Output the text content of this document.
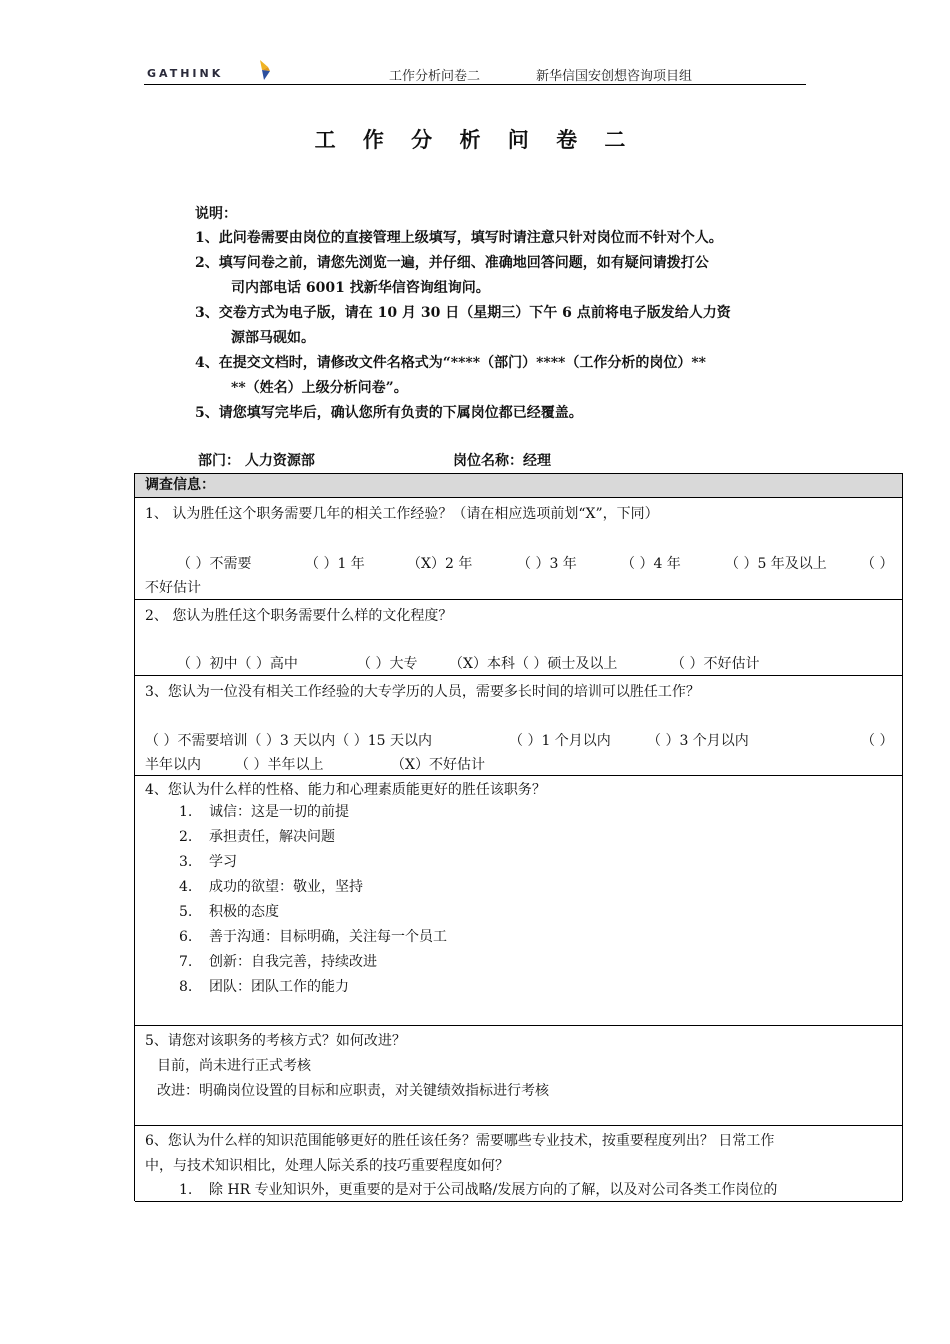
GATHINK	工作分析问卷二	新华信国安创想咨询项目组
工 作 分 析 问 卷 二
说明：

1、此问卷需要由岗位的直接管理上级填写，填写时请注意只针对岗位而不针对个人。

2、填写问卷之前，请您先浏览一遍，并仔细、准确地回答问题，如有疑问请拨打公
司内部电话 6001 找新华信咨询组询问。

3、交卷方式为电子版，请在 10 月 30 日（星期三）下午 6 点前将电子版发给人力资
源部马砚如。

4、在提交文档时，请修改文件名格式为“****（部门）****（工作分析的岗位）**
**（姓名）上级分析问卷”。

5、请您填写完毕后，确认您所有负责的下属岗位都已经覆盖。

部门： 人力资源部	岗位名称：经理
调查信息：
1、 认为胜任这个职务需要几年的相关工作经验？（请在相应选项前划“X”，下同）
（ ）不需要	（ ）1 年	（X）2 年	（ ）3 年	（ ）4 年	（ ）5 年及以上 （ ）
不好估计
2、 您认为胜任这个职务需要什么样的文化程度？
（ ）初中（ ）高中	（ ）大专 （X）本科（ ）硕士及以上	（ ）不好估计
3、您认为一位没有相关工作经验的大专学历的人员，需要多长时间的培训可以胜任工作？
（ ）不需要培训（ ）3 天以内（ ）15 天以内	（ ）1 个月以内	（ ）3 个月以内	（ ）
半年以内 （ ）半年以上	（X）不好估计
4、您认为什么样的性格、能力和心理素质能更好的胜任该职务？
1. 诚信：这是一切的前提
2. 承担责任，解决问题
3. 学习
4. 成功的欲望：敬业，坚持
5. 积极的态度
6. 善于沟通：目标明确，关注每一个员工
7. 创新：自我完善，持续改进
8. 团队：团队工作的能力
5、请您对该职务的考核方式？如何改进？
目前，尚未进行正式考核
改进：明确岗位设置的目标和应职责，对关键绩效指标进行考核
6、您认为什么样的知识范围能够更好的胜任该任务？需要哪些专业技术，按重要程度列出？ 日常工作
中，与技术知识相比，处理人际关系的技巧重要程度如何？
1. 除 HR 专业知识外，更重要的是对于公司战略/发展方向的了解，以及对公司各类工作岗位的
